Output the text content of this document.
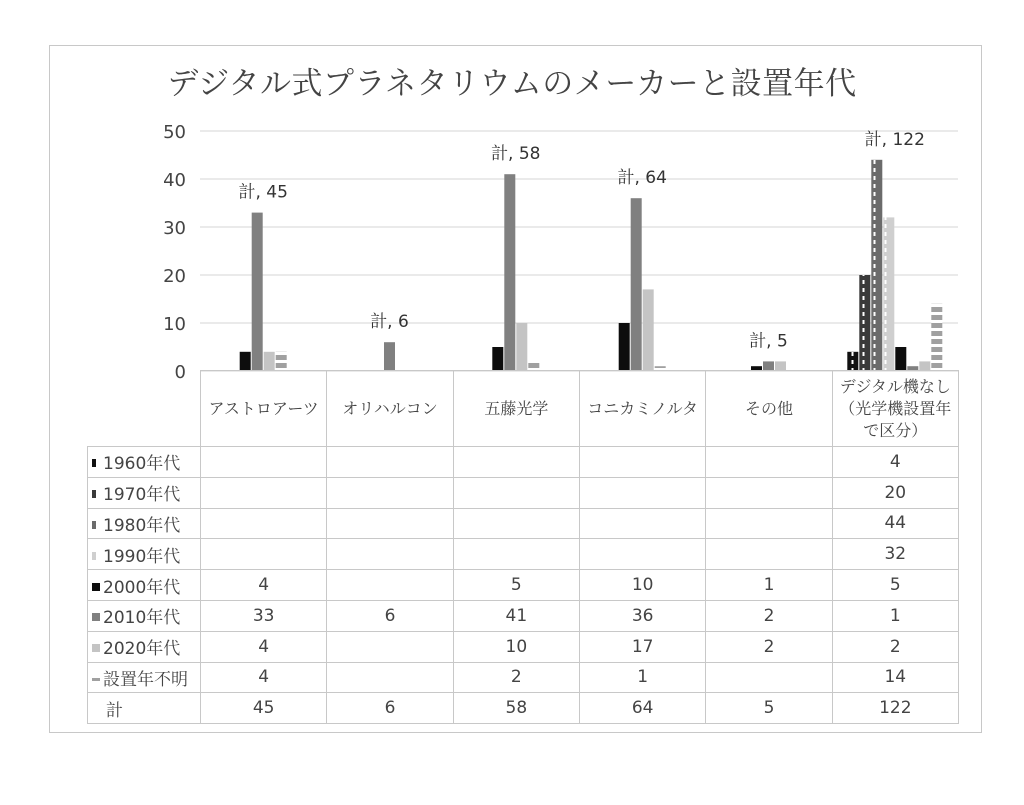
デジタル式プラネタリウムのメーカーと設置年代
50
40
30
20
10
0
計, 45
計, 6
計, 58
計, 64
計, 5
計, 122
	アストロアーツ	オリハルコン	五藤光学	コニカミノルタ	その他	デジタル機なし（光学機設置年で区分）
1960年代						4
1970年代						20
1980年代						44
1990年代						32
2000年代	4		5	10	1	5
2010年代	33	6	41	36	2	1
2020年代	4		10	17	2	2
設置年不明	4		2	1		14
計	45	6	58	64	5	122
